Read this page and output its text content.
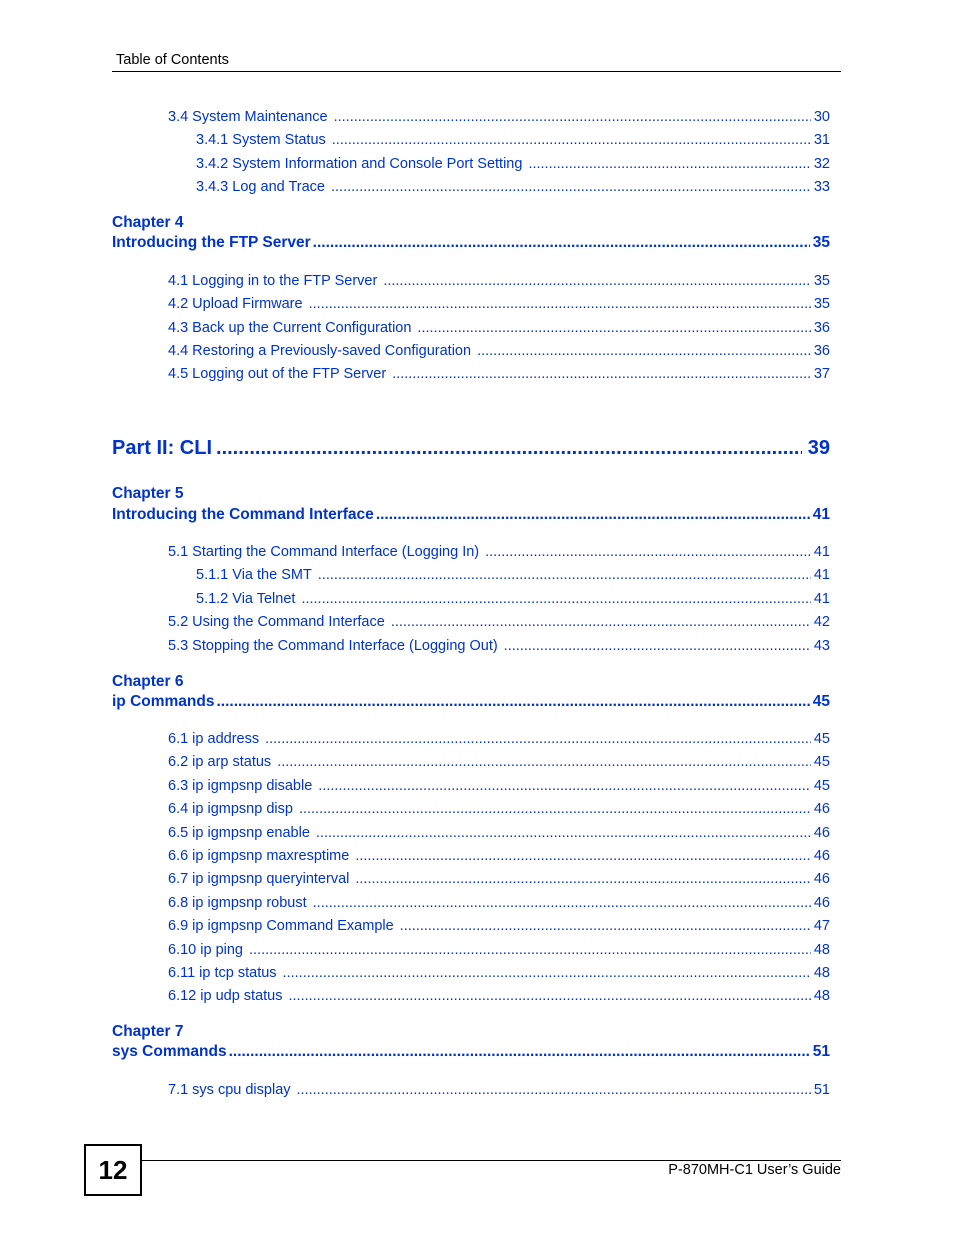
Table of Contents
3.4 System Maintenance .....	30
3.4.1 System Status .....	31
3.4.2 System Information and Console Port Setting .....	32
3.4.3 Log and Trace .....	33
Chapter 4
Introducing the FTP Server .....	35
4.1 Logging in to the FTP Server .....	35
4.2 Upload Firmware .....	35
4.3 Back up the Current Configuration .....	36
4.4 Restoring a Previously-saved Configuration .....	36
4.5 Logging out of the FTP Server .....	37
Part II: CLI .....	39
Chapter 5
Introducing the Command Interface .....	41
5.1 Starting the Command Interface (Logging In) .....	41
5.1.1 Via the SMT .....	41
5.1.2 Via Telnet .....	41
5.2 Using the Command Interface .....	42
5.3 Stopping the Command Interface (Logging Out) .....	43
Chapter 6
ip Commands .....	45
6.1 ip address .....	45
6.2 ip arp status .....	45
6.3 ip igmpsnp disable .....	45
6.4 ip igmpsnp disp .....	46
6.5 ip igmpsnp enable .....	46
6.6 ip igmpsnp maxresptime .....	46
6.7 ip igmpsnp queryinterval .....	46
6.8 ip igmpsnp robust .....	46
6.9 ip igmpsnp Command Example .....	47
6.10 ip ping .....	48
6.11 ip tcp status .....	48
6.12 ip udp status .....	48
Chapter 7
sys Commands .....	51
7.1 sys cpu display .....	51
12	P-870MH-C1 User’s Guide
